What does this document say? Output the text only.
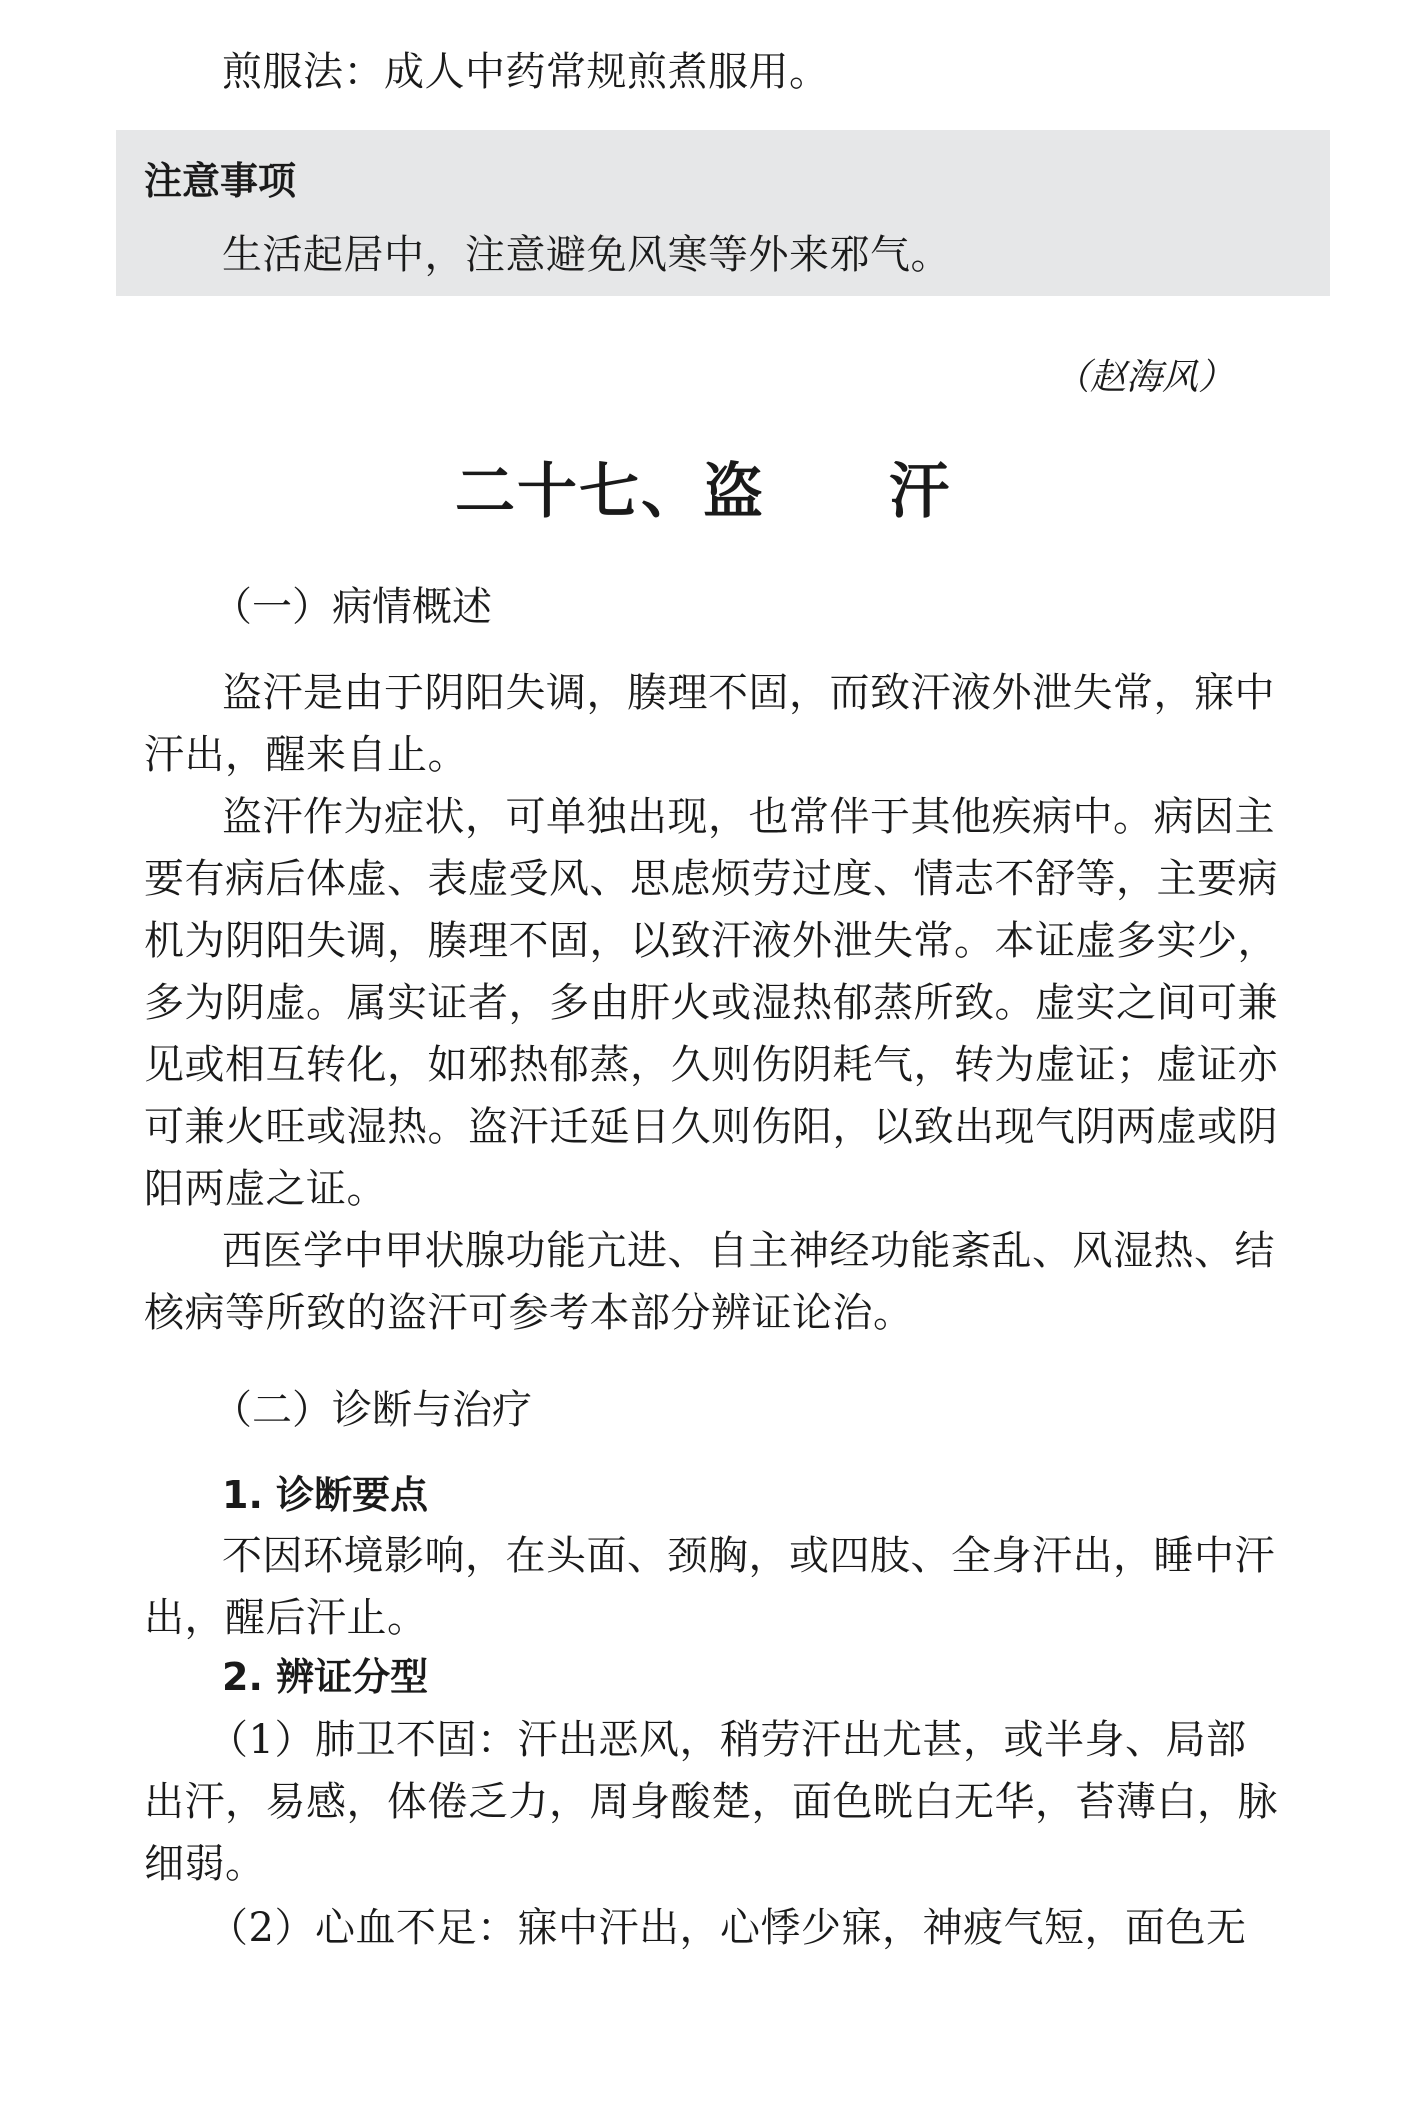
煎服法：成人中药常规煎煮服用。
注意事项
生活起居中，注意避免风寒等外来邪气。
（赵海风）
二十七、盗　　汗
（一）病情概述
盗汗是由于阴阳失调，腠理不固，而致汗液外泄失常，寐中
汗出，醒来自止。
盗汗作为症状，可单独出现，也常伴于其他疾病中。病因主
要有病后体虚、表虚受风、思虑烦劳过度、情志不舒等，主要病
机为阴阳失调，腠理不固，以致汗液外泄失常。本证虚多实少，
多为阴虚。属实证者，多由肝火或湿热郁蒸所致。虚实之间可兼
见或相互转化，如邪热郁蒸，久则伤阴耗气，转为虚证；虚证亦
可兼火旺或湿热。盗汗迁延日久则伤阳，以致出现气阴两虚或阴
阳两虚之证。
西医学中甲状腺功能亢进、自主神经功能紊乱、风湿热、结
核病等所致的盗汗可参考本部分辨证论治。
（二）诊断与治疗
1. 诊断要点
不因环境影响，在头面、颈胸，或四肢、全身汗出，睡中汗
出，醒后汗止。
2. 辨证分型
（1）肺卫不固：汗出恶风，稍劳汗出尤甚，或半身、局部
出汗，易感，体倦乏力，周身酸楚，面色晄白无华，苔薄白，脉
细弱。
（2）心血不足：寐中汗出，心悸少寐，神疲气短，面色无
